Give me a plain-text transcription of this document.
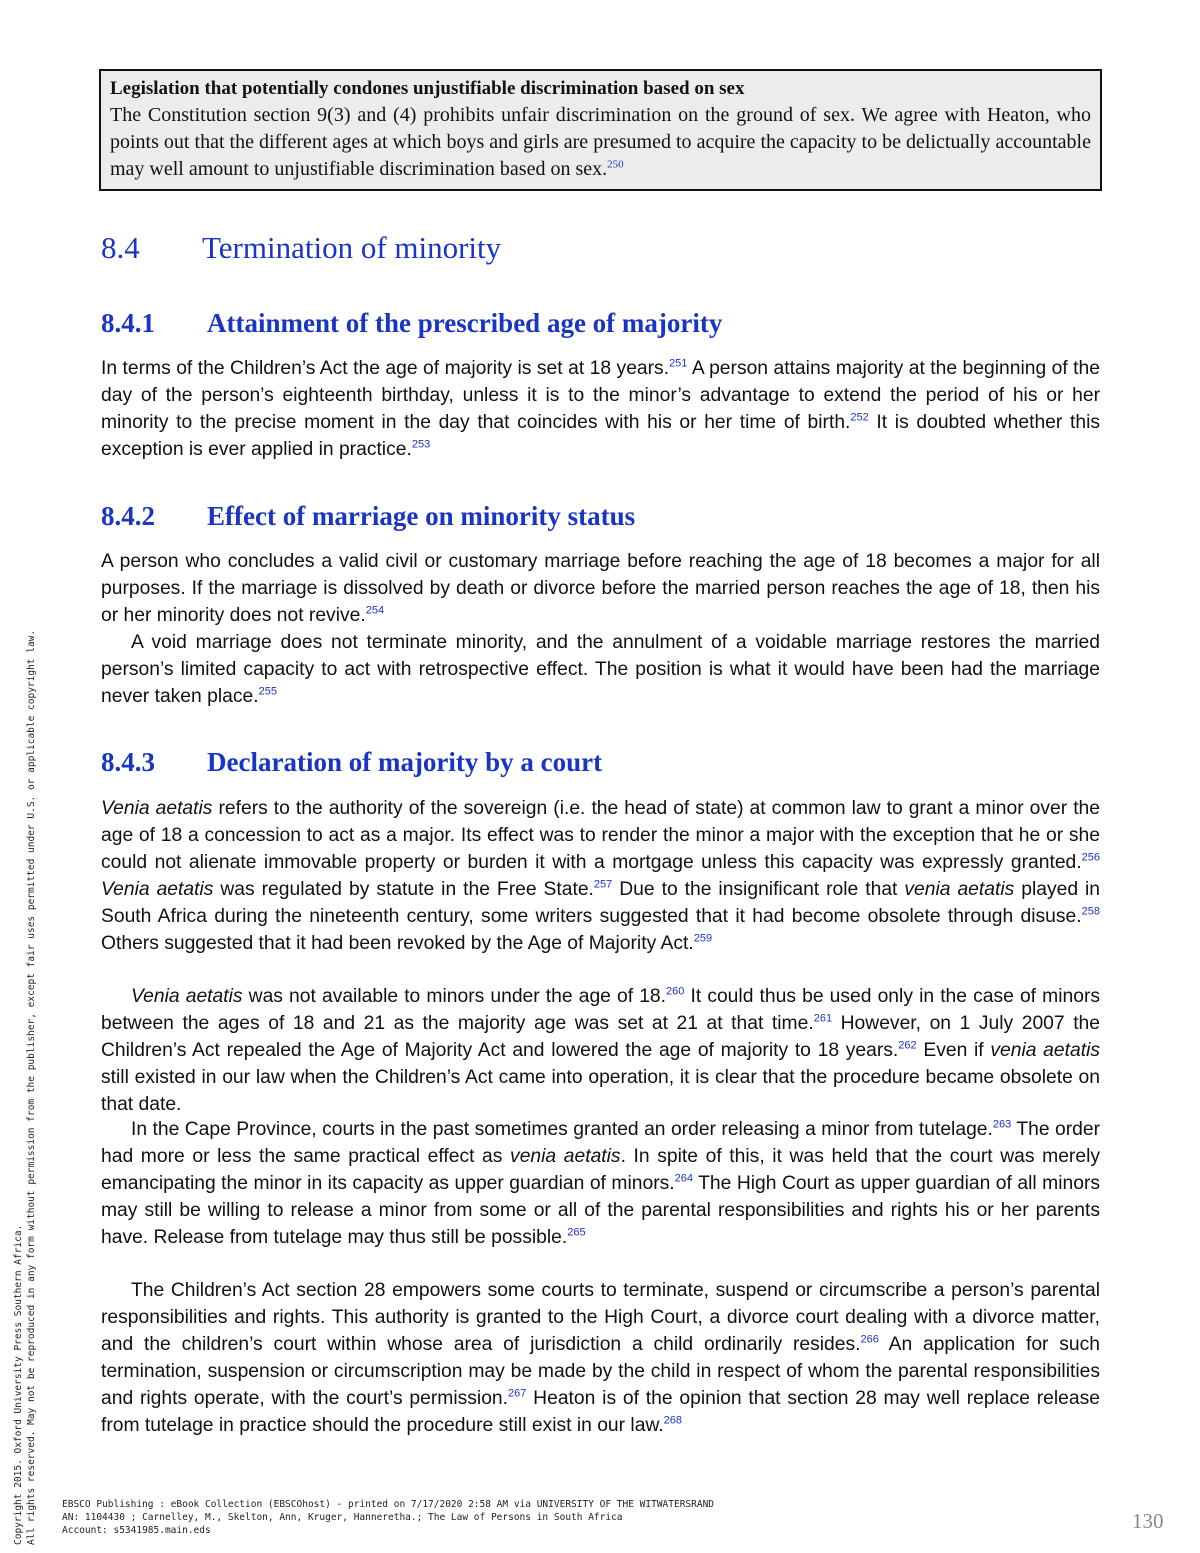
Legislation that potentially condones unjustifiable discrimination based on sex
The Constitution section 9(3) and (4) prohibits unfair discrimination on the ground of sex. We agree with Heaton, who points out that the different ages at which boys and girls are presumed to acquire the capacity to be delictually accountable may well amount to unjustifiable discrimination based on sex.$^{250}$
8.4 Termination of minority
8.4.1 Attainment of the prescribed age of majority

In terms of the Children’s Act the age of majority is set at 18 years.$^{251}$ A person attains majority at the beginning of the day of the person’s eighteenth birthday, unless it is to the minor’s advantage to extend the period of his or her minority to the precise moment in the day that coincides with his or her time of birth.$^{252}$ It is doubted whether this exception is ever applied in practice.$^{253}$

8.4.2 Effect of marriage on minority status

A person who concludes a valid civil or customary marriage before reaching the age of 18 becomes a major for all purposes. If the marriage is dissolved by death or divorce before the married person reaches the age of 18, then his or her minority does not revive.$^{254}$

A void marriage does not terminate minority, and the annulment of a voidable marriage restores the married person’s limited capacity to act with retrospective effect. The position is what it would have been had the marriage never taken place.$^{255}$

8.4.3 Declaration of majority by a court

Venia aetatis refers to the authority of the sovereign (i.e. the head of state) at common law to grant a minor over the age of 18 a concession to act as a major. Its effect was to render the minor a major with the exception that he or she could not alienate immovable property or burden it with a mortgage unless this capacity was expressly granted.$^{256}$ Venia aetatis was regulated by statute in the Free State.$^{257}$ Due to the insignificant role that venia aetatis played in South Africa during the nineteenth century, some writers suggested that it had become obsolete through disuse.$^{258}$ Others suggested that it had been revoked by the Age of Majority Act.$^{259}$

Venia aetatis was not available to minors under the age of 18.$^{260}$ It could thus be used only in the case of minors between the ages of 18 and 21 as the majority age was set at 21 at that time.$^{261}$ However, on 1 July 2007 the Children’s Act repealed the Age of Majority Act and lowered the age of majority to 18 years.$^{262}$ Even if venia aetatis still existed in our law when the Children’s Act came into operation, it is clear that the procedure became obsolete on that date.

In the Cape Province, courts in the past sometimes granted an order releasing a minor from tutelage.$^{263}$ The order had more or less the same practical effect as venia aetatis. In spite of this, it was held that the court was merely emancipating the minor in its capacity as upper guardian of minors.$^{264}$ The High Court as upper guardian of all minors may still be willing to release a minor from some or all of the parental responsibilities and rights his or her parents have. Release from tutelage may thus still be possible.$^{265}$

The Children’s Act section 28 empowers some courts to terminate, suspend or circumscribe a person’s parental responsibilities and rights. This authority is granted to the High Court, a divorce court dealing with a divorce matter, and the children’s court within whose area of jurisdiction a child ordinarily resides.$^{266}$ An application for such termination, suspension or circumscription may be made by the child in respect of whom the parental responsibilities and rights operate, with the court’s permission.$^{267}$ Heaton is of the opinion that section 28 may well replace release from tutelage in practice should the procedure still exist in our law.$^{268}$

Copyright 2015. Oxford University Press Southern Africa. All rights reserved. May not be reproduced in any form without permission from the publisher, except fair uses permitted under U.S. or applicable copyright law.	EBSCO Publishing : eBook Collection (EBSCOhost) - printed on 7/17/2020 2:58 AM via UNIVERSITY OF THE WITWATERSRAND
AN: 1104430 ; Carnelley, M., Skelton, Ann, Kruger, Hanneretha.; The Law of Persons in South Africa
Account: s5341985.main.eds	130
